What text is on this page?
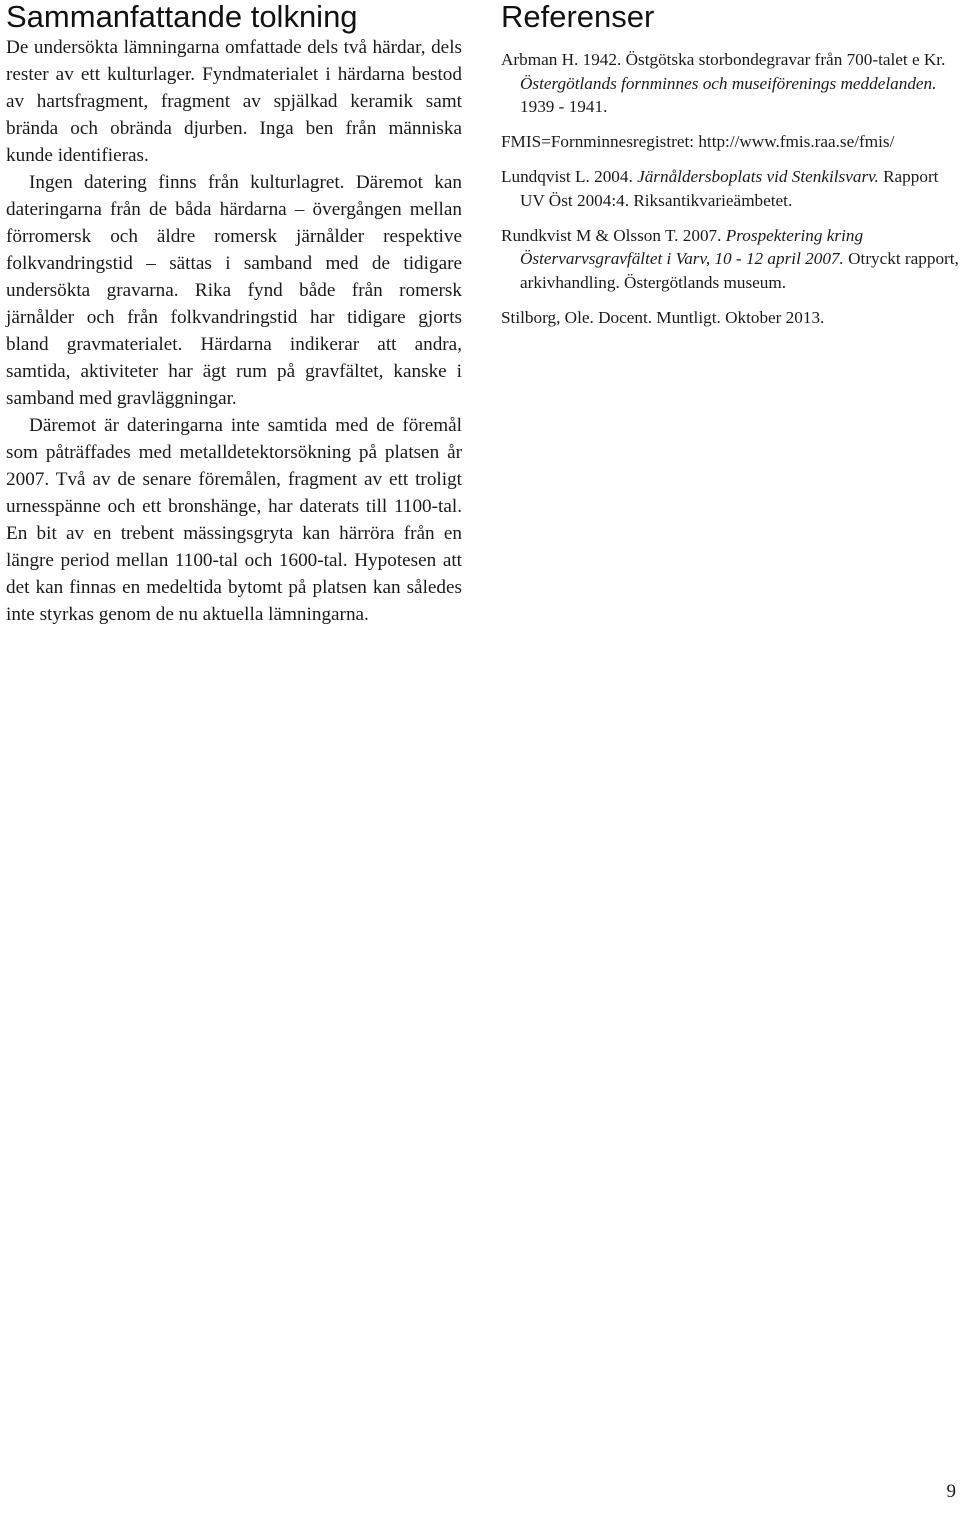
Sammanfattande tolkning

De undersökta lämningarna omfattade dels två härdar, dels rester av ett kulturlager. Fyndmaterialet i härdarna bestod av hartsfragment, fragment av spjälkad keramik samt brända och obrända djurben. Inga ben från människa kunde identifieras.

Ingen datering finns från kulturlagret. Däremot kan dateringarna från de båda härdarna – övergången mellan förromersk och äldre romersk järnålder respektive folkvandringstid – sättas i samband med de tidigare undersökta gravarna. Rika fynd både från romersk järnålder och från folkvandringstid har tidigare gjorts bland gravmaterialet. Härdarna indikerar att andra, samtida, aktiviteter har ägt rum på gravfältet, kanske i samband med gravläggningar.

Däremot är dateringarna inte samtida med de föremål som påträffades med metalldetektorsökning på platsen år 2007. Två av de senare föremålen, fragment av ett troligt urnesspänne och ett bronshänge, har daterats till 1100-tal. En bit av en trebent mässingsgryta kan härröra från en längre period mellan 1100-tal och 1600-tal. Hypotesen att det kan finnas en medeltida bytomt på platsen kan således inte styrkas genom de nu aktuella lämningarna.

Referenser

Arbman H. 1942. Östgötska storbondegravar från 700-talet e Kr. Östergötlands fornminnes och museiförenings meddelanden. 1939 - 1941.

FMIS=Fornminnesregistret: http://www.fmis.raa.se/fmis/

Lundqvist L. 2004. Järnåldersboplats vid Stenkilsvarv. Rapport UV Öst 2004:4. Riksantikvarieämbetet.

Rundkvist M & Olsson T. 2007. Prospektering kring Östervarvsgravfältet i Varv, 10 - 12 april 2007. Otryckt rapport, arkivhandling. Östergötlands museum.

Stilborg, Ole. Docent. Muntligt. Oktober 2013.

9
